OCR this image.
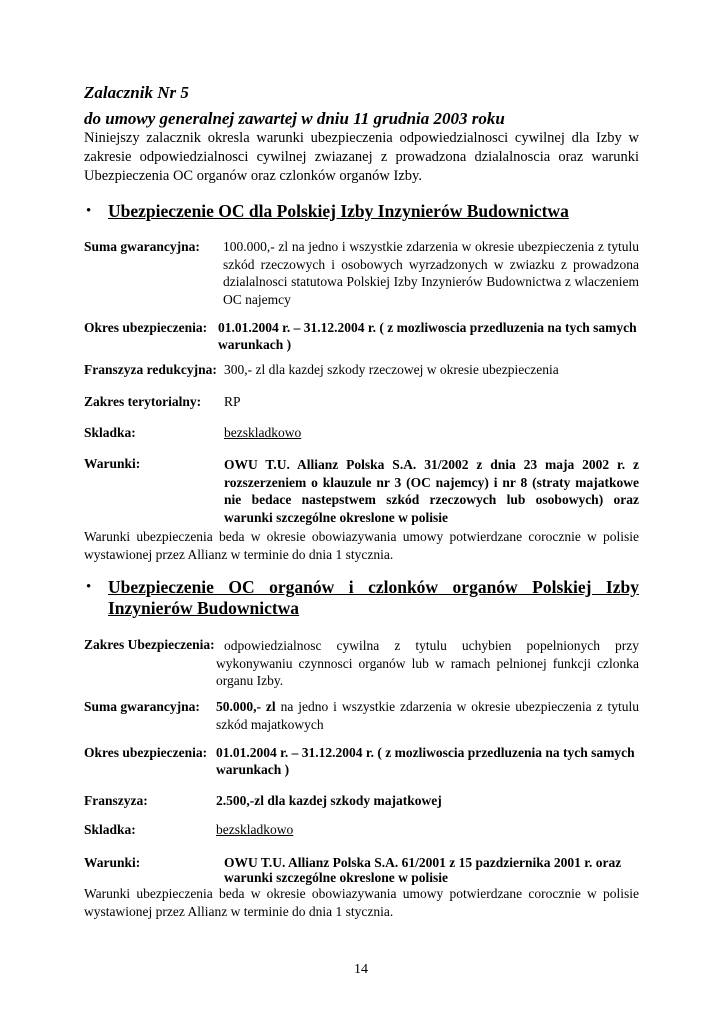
Zalacznik Nr 5
do umowy generalnej zawartej w dniu 11 grudnia 2003 roku
Niniejszy zalacznik okresla warunki ubezpieczenia odpowiedzialnosci cywilnej dla Izby w zakresie odpowiedzialnosci cywilnej zwiazanej z prowadzona dzialalnoscia oraz warunki Ubezpieczenia OC organów oraz czlonków organów Izby.
• Ubezpieczenie OC dla Polskiej Izby Inzynierów Budownictwa
Suma gwarancyjna: 100.000,- zl na jedno i wszystkie zdarzenia w okresie ubezpieczenia z tytulu szkód rzeczowych i osobowych wyrzadzonych w zwiazku z prowadzona dzialalnosci statutowa Polskiej Izby Inzynierów Budownictwa z wlaczeniem OC najemcy
Okres ubezpieczenia: 01.01.2004 r. – 31.12.2004 r. ( z mozliwoscia przedluzenia na tych samych
warunkach )
Franszyza redukcyjna: 300,- zl dla kazdej szkody rzeczowej w okresie ubezpieczenia
Zakres terytorialny: RP
Skladka:	bezskladkowo
Warunki:	OWU T.U. Allianz Polska S.A. 31/2002 z dnia 23 maja 2002 r. z rozszerzeniem o klauzule nr 3 (OC najemcy) i nr 8 (straty majatkowe nie bedace nastepstwem szkód rzeczowych lub osobowych) oraz warunki szczególne okreslone w polisie
Warunki ubezpieczenia beda w okresie obowiazywania umowy potwierdzane corocznie w polisie wystawionej przez Allianz w terminie do dnia 1 stycznia.
• Ubezpieczenie OC organów i czlonków organów Polskiej Izby
Inzynierów Budownictwa
Zakres Ubezpieczenia: odpowiedzialnosc cywilna z tytulu uchybien popelnionych przy wykonywaniu czynnosci organów lub w ramach pelnionej funkcji czlonka organu Izby.
Suma gwarancyjna: 50.000,- zl na jedno i wszystkie zdarzenia w okresie ubezpieczenia z tytulu szkód majatkowych
Okres ubezpieczenia: 01.01.2004 r. – 31.12.2004 r. ( z mozliwoscia przedluzenia na tych samych
warunkach )
Franszyza:	2.500,-zl dla kazdej szkody majatkowej
Skladka:	bezskladkowo
Warunki:	OWU T.U. Allianz Polska S.A. 61/2001 z 15 pazdziernika 2001 r. oraz
warunki szczególne okreslone w polisie
Warunki ubezpieczenia beda w okresie obowiazywania umowy potwierdzane corocznie w polisie wystawionej przez Allianz w terminie do dnia 1 stycznia.
14
